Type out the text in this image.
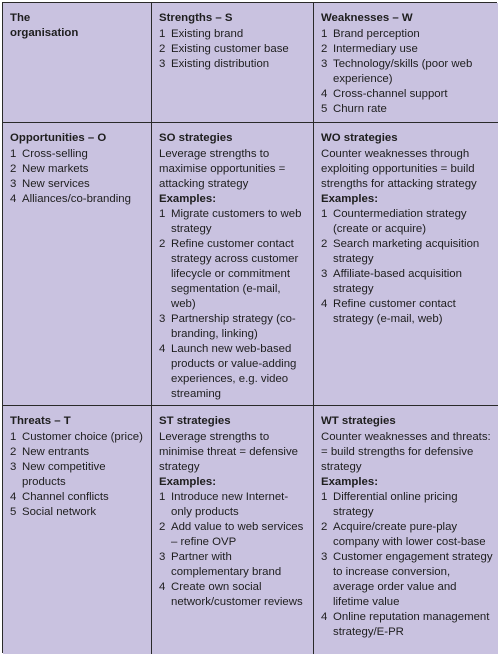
The organisation
Strengths – S
1 Existing brand
2 Existing customer base
3 Existing distribution
Weaknesses – W
1 Brand perception
2 Intermediary use
3 Technology/skills (poor web experience)
4 Cross-channel support
5 Churn rate
Opportunities – O
1 Cross-selling
2 New markets
3 New services
4 Alliances/co-branding
SO strategies
Leverage strengths to maximise opportunities = attacking strategy
Examples:
1 Migrate customers to web strategy
2 Refine customer contact strategy across customer lifecycle or commitment segmentation (e-mail, web)
3 Partnership strategy (co-branding, linking)
4 Launch new web-based products or value-adding experiences, e.g. video streaming
WO strategies
Counter weaknesses through exploiting opportunities = build strengths for attacking strategy
Examples:
1 Countermediation strategy (create or acquire)
2 Search marketing acquisition strategy
3 Affiliate-based acquisition strategy
4 Refine customer contact strategy (e-mail, web)
Threats – T
1 Customer choice (price)
2 New entrants
3 New competitive products
4 Channel conflicts
5 Social network
ST strategies
Leverage strengths to minimise threat = defensive strategy
Examples:
1 Introduce new Internet-only products
2 Add value to web services – refine OVP
3 Partner with complementary brand
4 Create own social network/customer reviews
WT strategies
Counter weaknesses and threats: = build strengths for defensive strategy
Examples:
1 Differential online pricing strategy
2 Acquire/create pure-play company with lower cost-base
3 Customer engagement strategy to increase conversion, average order value and lifetime value
4 Online reputation management strategy/E-PR
